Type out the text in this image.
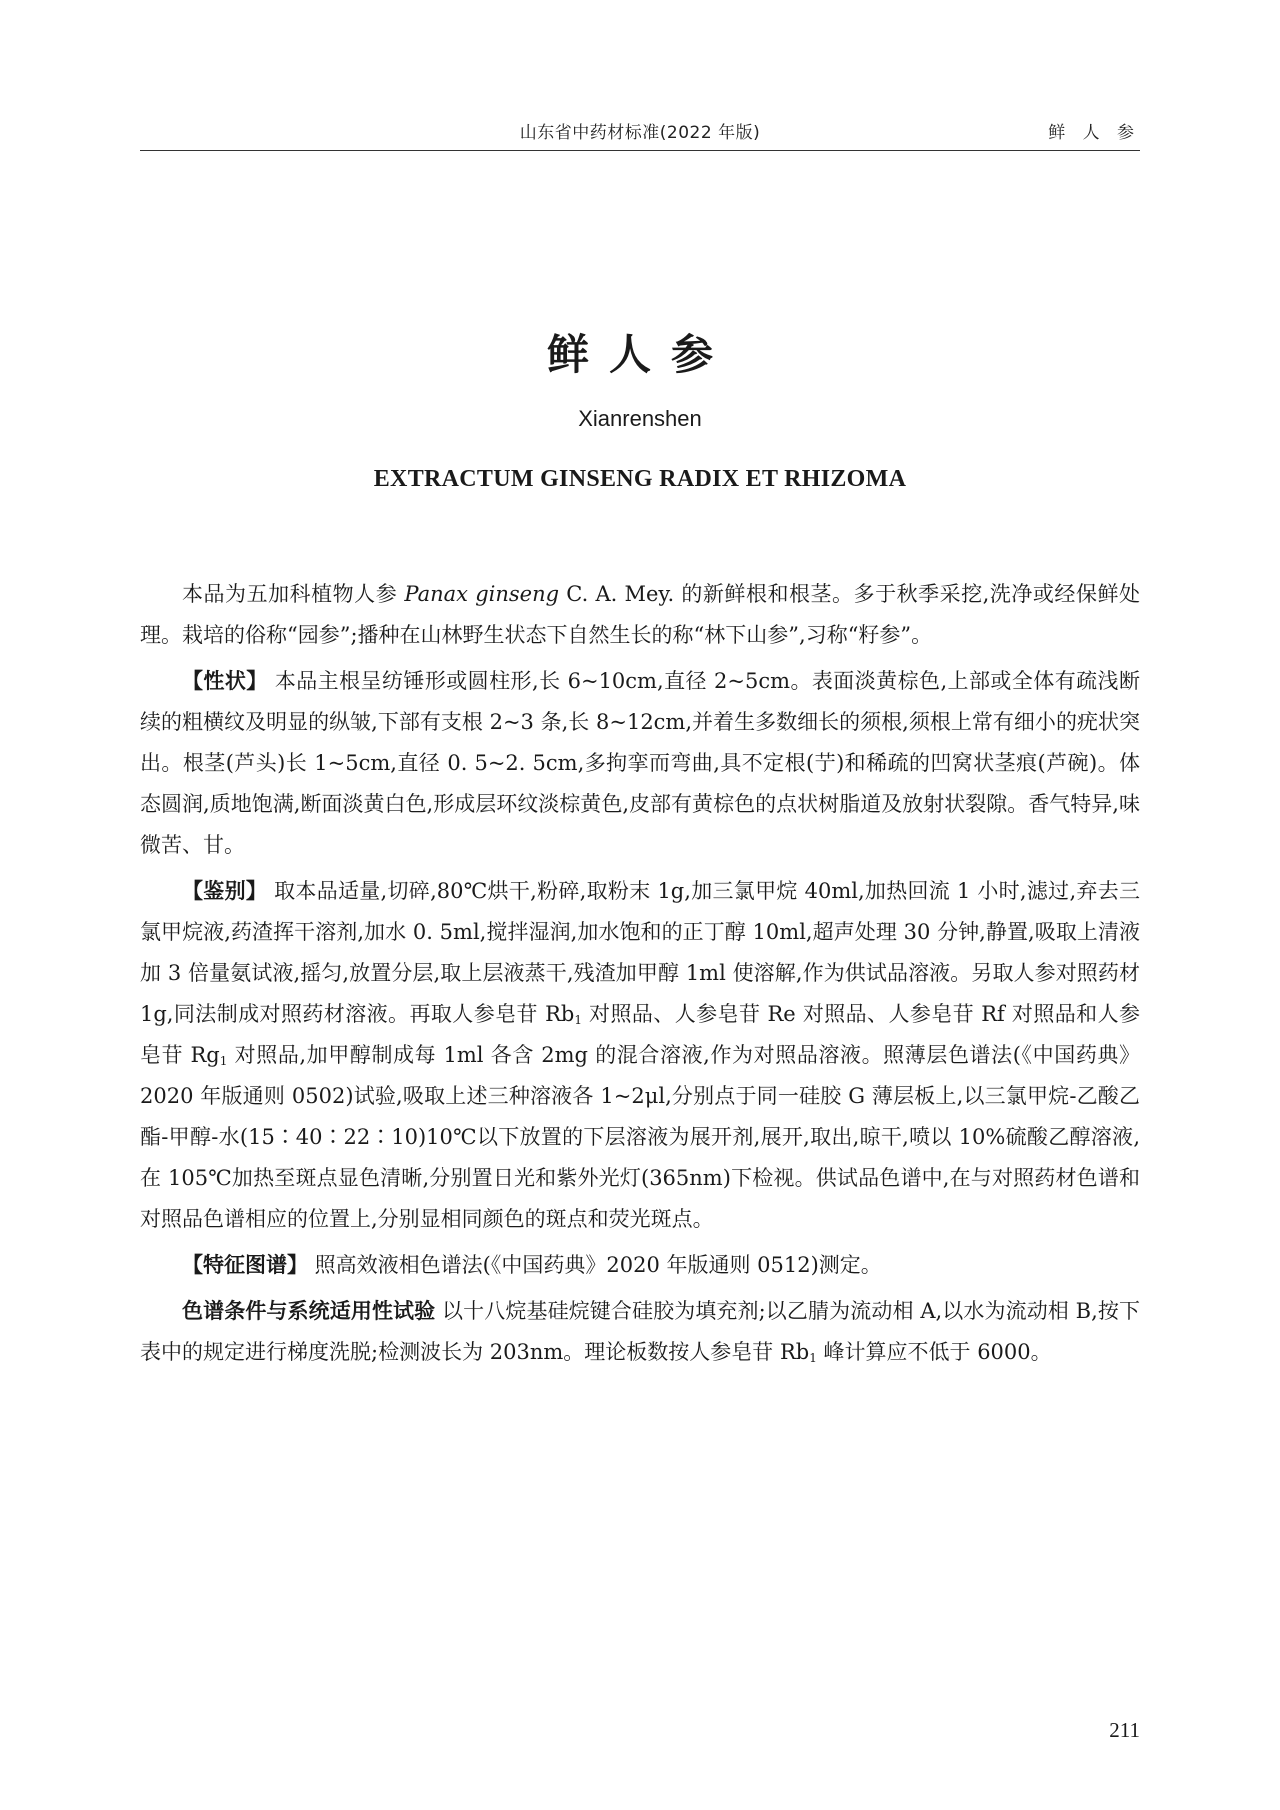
山东省中药材标准(2022 年版)	鲜 人 参
鲜人参
Xianrenshen
EXTRACTUM GINSENG RADIX ET RHIZOMA

本品为五加科植物人参 Panax ginseng C. A. Mey. 的新鲜根和根茎。多于秋季采挖,洗净或经保鲜处理。栽培的俗称“园参”;播种在山林野生状态下自然生长的称“林下山参”,习称“籽参”。

【性状】 本品主根呈纺锤形或圆柱形,长 6~10cm,直径 2~5cm。表面淡黄棕色,上部或全体有疏浅断续的粗横纹及明显的纵皱,下部有支根 2~3 条,长 8~12cm,并着生多数细长的须根,须根上常有细小的疣状突出。根茎(芦头)长 1~5cm,直径 0. 5~2. 5cm,多拘挛而弯曲,具不定根(艼)和稀疏的凹窝状茎痕(芦碗)。体态圆润,质地饱满,断面淡黄白色,形成层环纹淡棕黄色,皮部有黄棕色的点状树脂道及放射状裂隙。香气特异,味微苦、甘。

【鉴别】 取本品适量,切碎,80℃烘干,粉碎,取粉末 1g,加三氯甲烷 40ml,加热回流 1 小时,滤过,弃去三氯甲烷液,药渣挥干溶剂,加水 0. 5ml,搅拌湿润,加水饱和的正丁醇 10ml,超声处理 30 分钟,静置,吸取上清液加 3 倍量氨试液,摇匀,放置分层,取上层液蒸干,残渣加甲醇 1ml 使溶解,作为供试品溶液。另取人参对照药材 1g,同法制成对照药材溶液。再取人参皂苷 $Rb_1$ 对照品、人参皂苷 Re 对照品、人参皂苷 Rf 对照品和人参皂苷 $Rg_1$ 对照品,加甲醇制成每 1ml 各含 2mg 的混合溶液,作为对照品溶液。照薄层色谱法(《中国药典》2020 年版通则 0502)试验,吸取上述三种溶液各 1~2μl,分别点于同一硅胶 G 薄层板上,以三氯甲烷-乙酸乙酯-甲醇-水(15∶40∶22∶10)10℃以下放置的下层溶液为展开剂,展开,取出,晾干,喷以 10%硫酸乙醇溶液,在 105℃加热至斑点显色清晰,分别置日光和紫外光灯(365nm)下检视。供试品色谱中,在与对照药材色谱和对照品色谱相应的位置上,分别显相同颜色的斑点和荧光斑点。

【特征图谱】 照高效液相色谱法(《中国药典》2020 年版通则 0512)测定。

色谱条件与系统适用性试验 以十八烷基硅烷键合硅胶为填充剂;以乙腈为流动相 A,以水为流动相 B,按下表中的规定进行梯度洗脱;检测波长为 203nm。理论板数按人参皂苷 $Rb_1$ 峰计算应不低于 6000。

211
